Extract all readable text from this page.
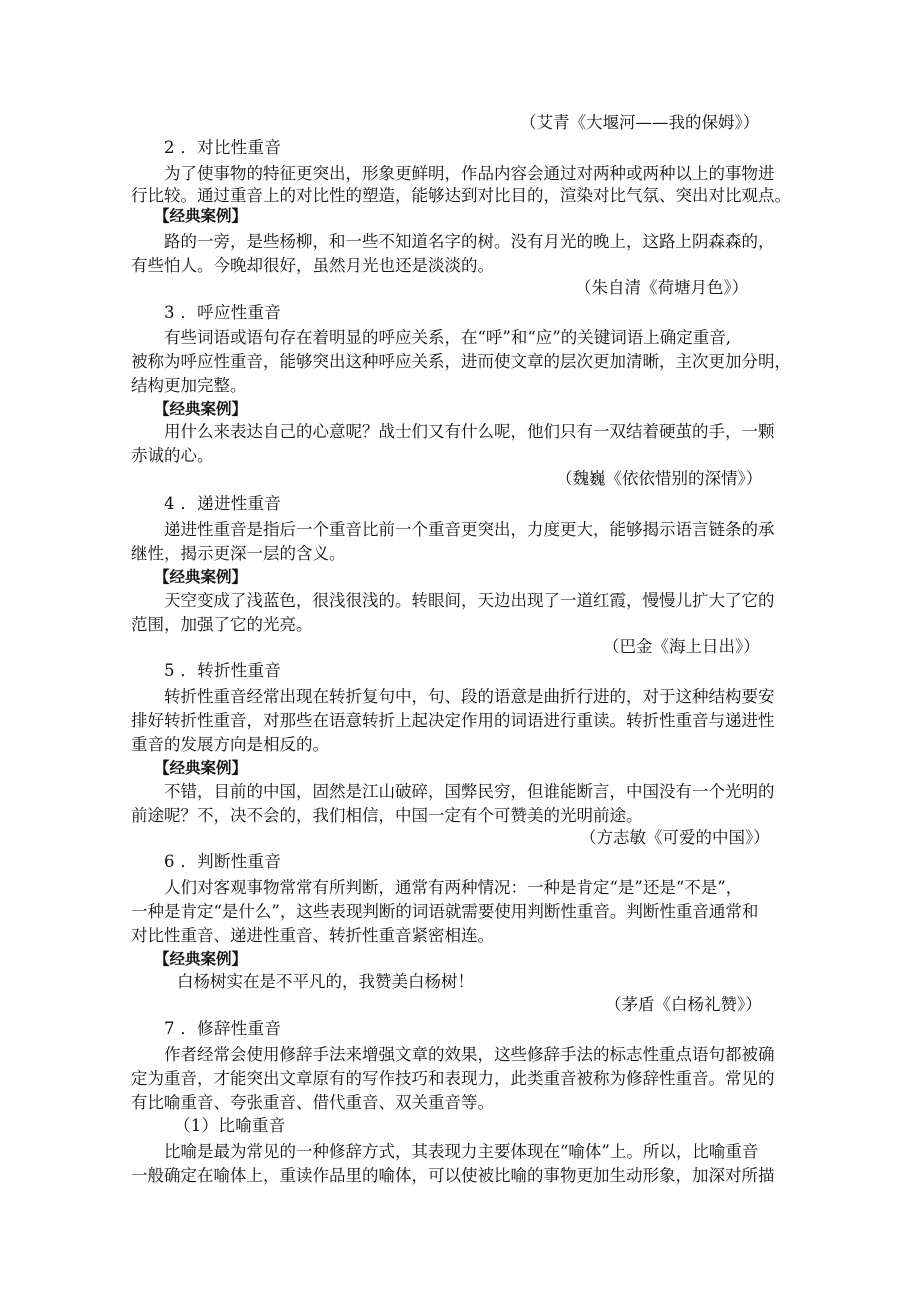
（艾青《大堰河——我的保姆》）
2 ．对比性重音
为了使事物的特征更突出，形象更鲜明，作品内容会通过对两种或两种以上的事物进
行比较。通过重音上的对比性的塑造，能够达到对比目的，渲染对比气氛、突出对比观点。
【经典案例】
路的一旁，是些杨柳，和一些不知道名字的树。没有月光的晚上，这路上阴森森的，
有些怕人。今晚却很好，虽然月光也还是淡淡的。
（朱自清《荷塘月色》）
3 ．呼应性重音
有些词语或语句存在着明显的呼应关系，在“呼”和“应”的关键词语上确定重音,
被称为呼应性重音，能够突出这种呼应关系，进而使文章的层次更加清晰，主次更加分明，
结构更加完整。
【经典案例】
用什么来表达自己的心意呢？战士们又有什么呢，他们只有一双结着硬茧的手，一颗
赤诚的心。
（魏巍《依依惜别的深情》）
4 ．递进性重音
递进性重音是指后一个重音比前一个重音更突出，力度更大，能够揭示语言链条的承
继性，揭示更深一层的含义。
【经典案例】
天空变成了浅蓝色，很浅很浅的。转眼间，天边出现了一道红霞，慢慢儿扩大了它的
范围，加强了它的光亮。
（巴金《海上日出》）
5 ．转折性重音
转折性重音经常出现在转折复句中，句、段的语意是曲折行进的，对于这种结构要安
排好转折性重音，对那些在语意转折上起决定作用的词语进行重读。转折性重音与递进性
重音的发展方向是相反的。
【经典案例】
不错，目前的中国，固然是江山破碎，国弊民穷，但谁能断言，中国没有一个光明的
前途呢？不，决不会的，我们相信，中国一定有个可赞美的光明前途。
（方志敏《可爱的中国》）
6 ．判断性重音
人们对客观事物常常有所判断，通常有两种情况：一种是肯定“是”还是“不是”，
一种是肯定“是什么”，这些表现判断的词语就需要使用判断性重音。判断性重音通常和
对比性重音、递进性重音、转折性重音紧密相连。
【经典案例】
白杨树实在是不平凡的，我赞美白杨树！
（茅盾《白杨礼赞》）
7 ．修辞性重音
作者经常会使用修辞手法来增强文章的效果，这些修辞手法的标志性重点语句都被确
定为重音，才能突出文章原有的写作技巧和表现力，此类重音被称为修辞性重音。常见的
有比喻重音、夸张重音、借代重音、双关重音等。
（1）比喻重音
比喻是最为常见的一种修辞方式，其表现力主要体现在“喻体”上。所以，比喻重音
一般确定在喻体上，重读作品里的喻体，可以使被比喻的事物更加生动形象，加深对所描
